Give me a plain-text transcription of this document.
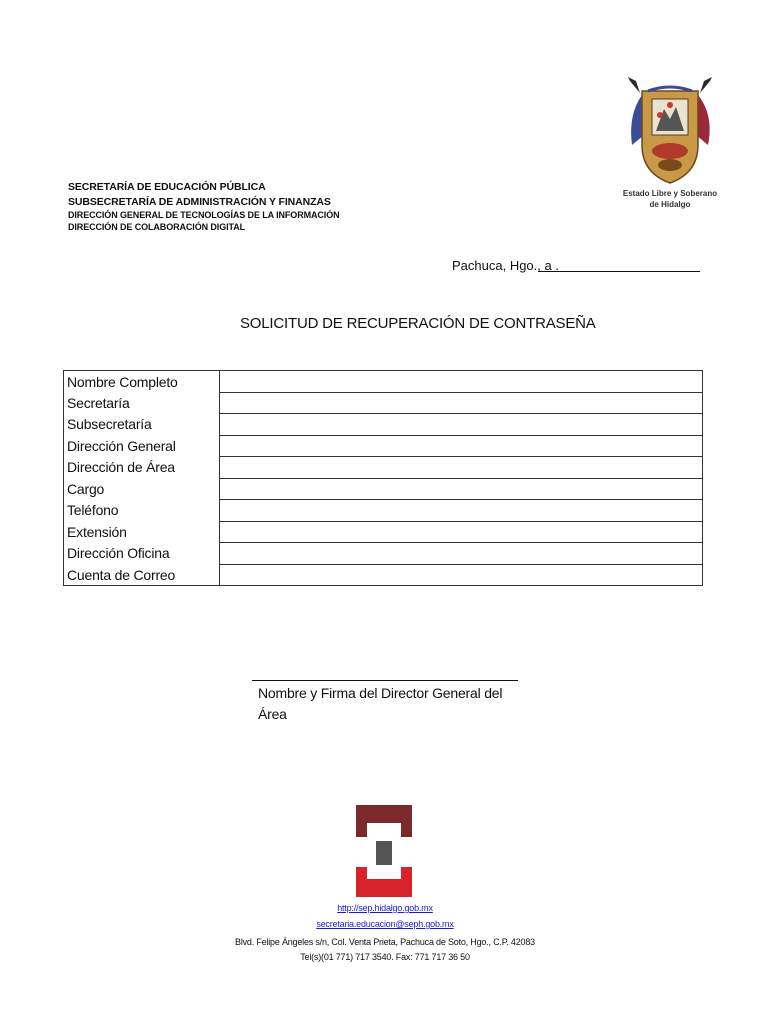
SECRETARÍA DE EDUCACIÓN PÚBLICA
SUBSECRETARÍA DE ADMINISTRACIÓN Y FINANZAS
DIRECCIÓN GENERAL DE TECNOLOGÍAS DE LA INFORMACIÓN
DIRECCIÓN DE COLABORACIÓN DIGITAL
Estado Libre y Soberano
de Hidalgo
Pachuca, Hgo., a .
SOLICITUD DE RECUPERACIÓN DE CONTRASEÑA
Nombre Completo	
Secretaría	
Subsecretaría	
Dirección General	
Dirección de Área	
Cargo	
Teléfono	
Extensión	
Dirección Oficina	
Cuenta de Correo	
Nombre y Firma del Director General del Área
http://sep.hidalgo.gob.mx
secretaria.educacion@seph.gob.mx
Blvd. Felipe Ángeles s/n, Col. Venta Prieta, Pachuca de Soto, Hgo., C.P. 42083
Tel(s)(01 771) 717 3540. Fax: 771 717 36 50
